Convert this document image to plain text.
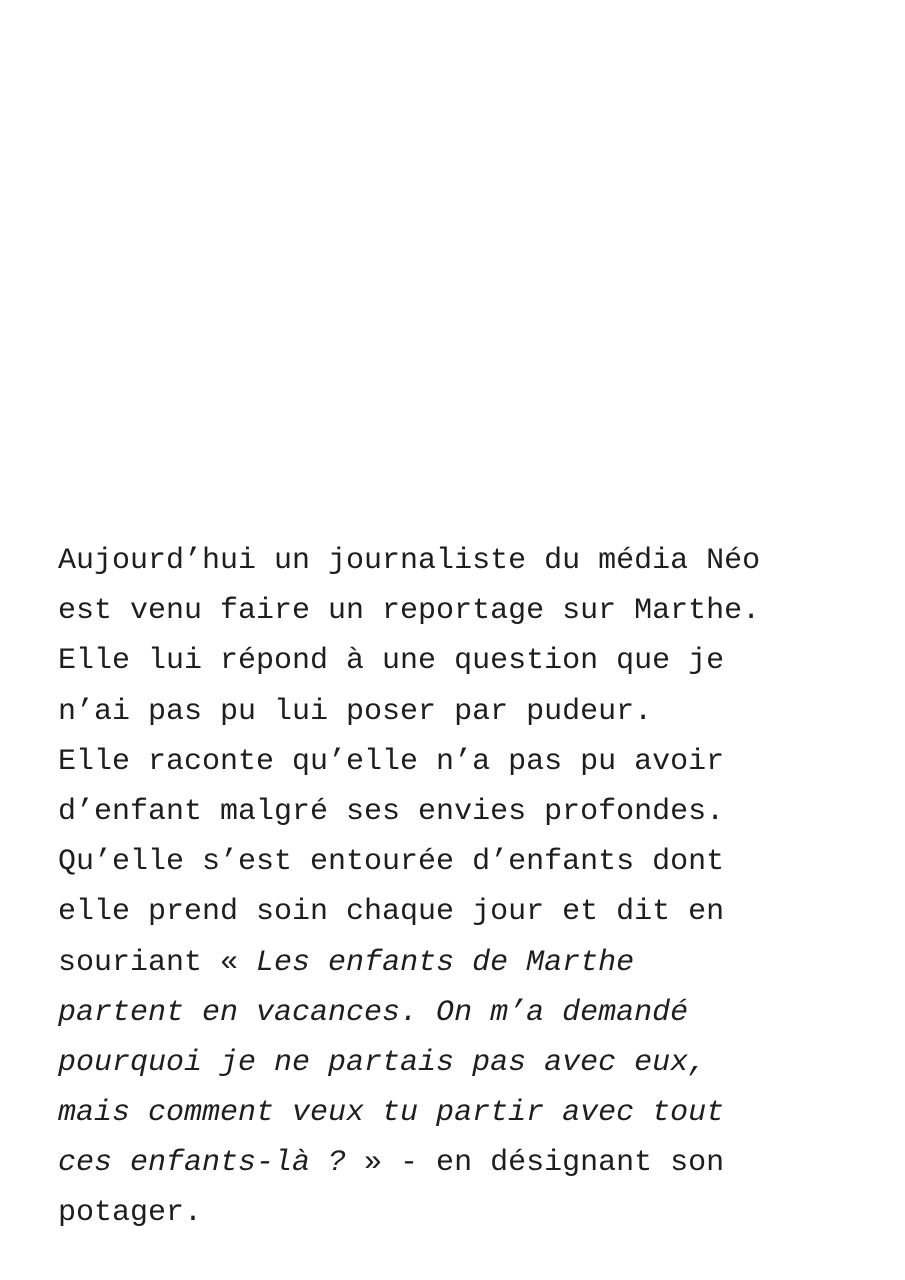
Aujourd’hui un journaliste du média Néo
est venu faire un reportage sur Marthe.
Elle lui répond à une question que je
n’ai pas pu lui poser par pudeur.
Elle raconte qu’elle n’a pas pu avoir
d’enfant malgré ses envies profondes.
Qu’elle s’est entourée d’enfants dont
elle prend soin chaque jour et dit en
souriant « Les enfants de Marthe
partent en vacances. On m’a demandé
pourquoi je ne partais pas avec eux,
mais comment veux tu partir avec tout
ces enfants-là ? » - en désignant son
potager.
